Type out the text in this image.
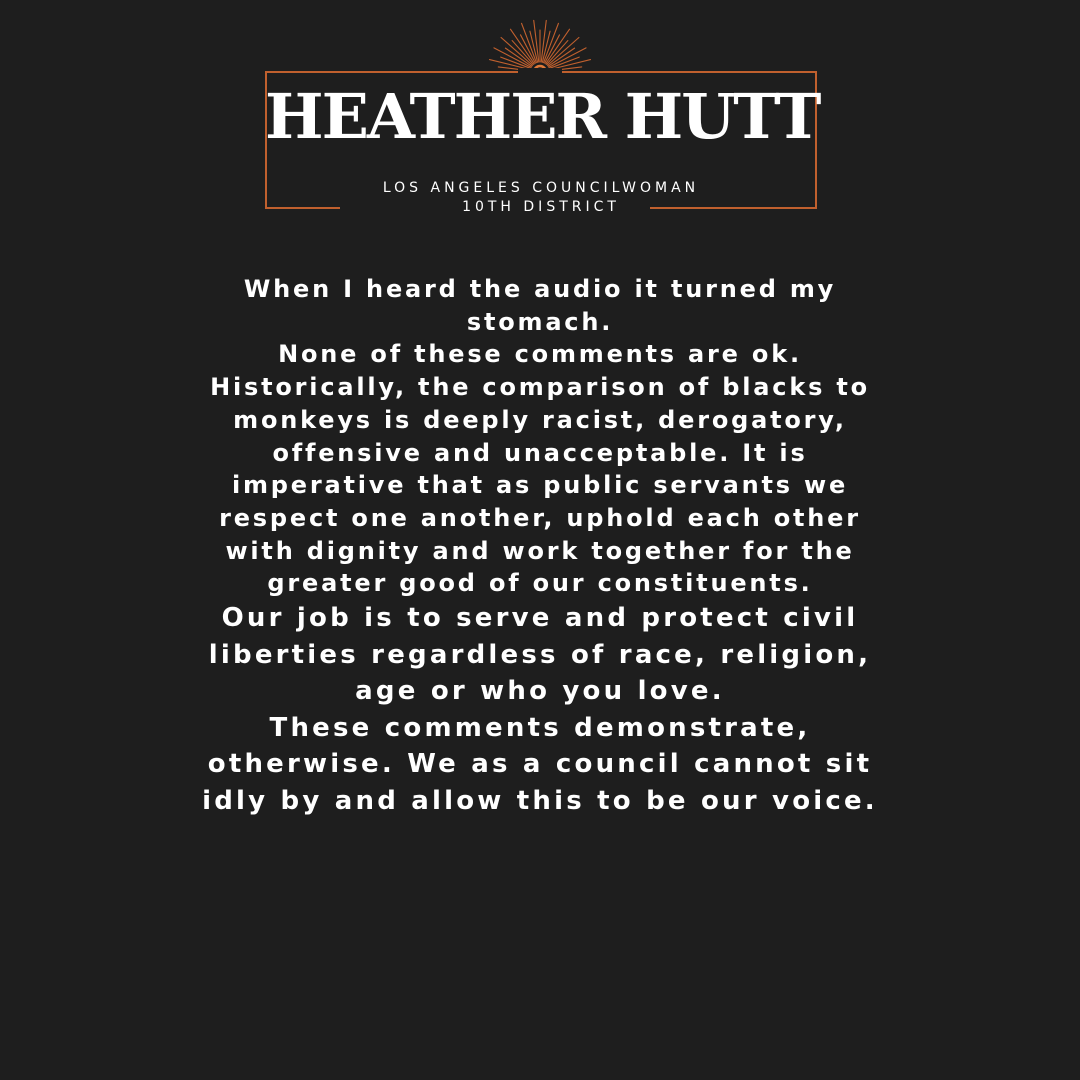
HEATHER HUTT
LOS ANGELES COUNCILWOMAN
10TH DISTRICT
When I heard the audio it turned my
stomach.
None of these comments are ok.
Historically, the comparison of blacks to
monkeys is deeply racist, derogatory,
offensive and unacceptable. It is
imperative that as public servants we
respect one another, uphold each other
with dignity and work together for the
greater good of our constituents.
Our job is to serve and protect civil
liberties regardless of race, religion,
age or who you love.
These comments demonstrate,
otherwise. We as a council cannot sit
idly by and allow this to be our voice.
